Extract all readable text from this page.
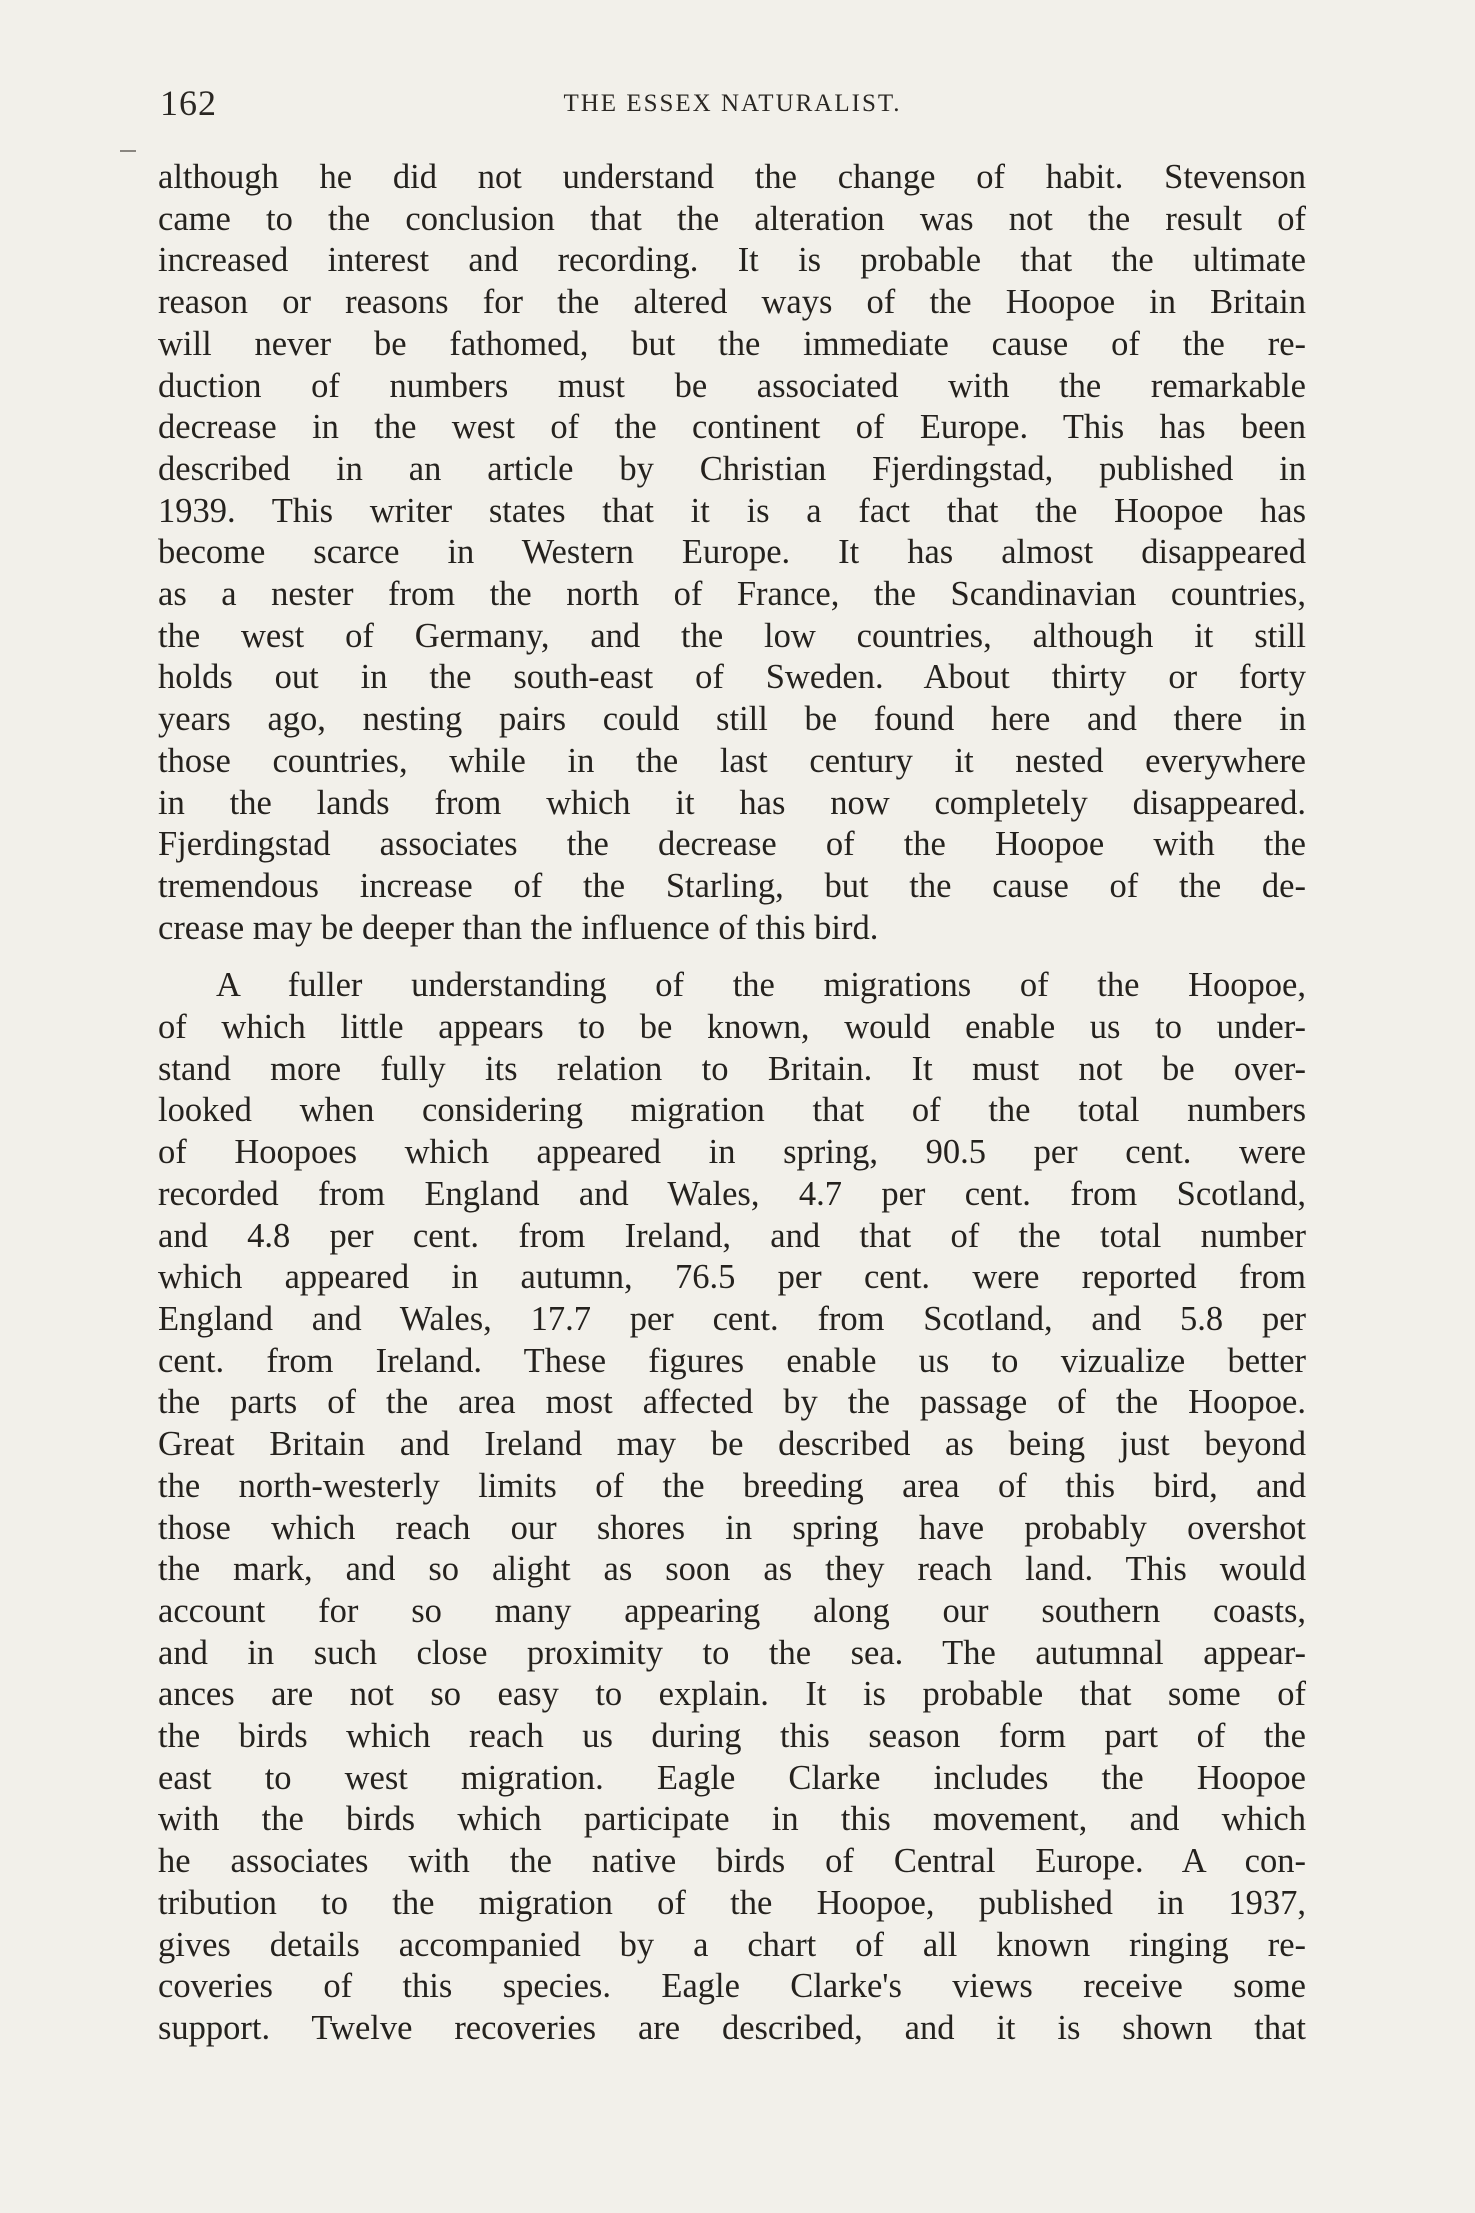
162	THE ESSEX NATURALIST.

although he did not understand the change of habit. Stevenson
came to the conclusion that the alteration was not the result of
increased interest and recording. It is probable that the ultimate
reason or reasons for the altered ways of the Hoopoe in Britain
will never be fathomed, but the immediate cause of the re-
duction of numbers must be associated with the remarkable
decrease in the west of the continent of Europe. This has been
described in an article by Christian Fjerdingstad, published in
1939. This writer states that it is a fact that the Hoopoe has
become scarce in Western Europe. It has almost disappeared
as a nester from the north of France, the Scandinavian countries,
the west of Germany, and the low countries, although it still
holds out in the south-east of Sweden. About thirty or forty
years ago, nesting pairs could still be found here and there in
those countries, while in the last century it nested everywhere
in the lands from which it has now completely disappeared.
Fjerdingstad associates the decrease of the Hoopoe with the
tremendous increase of the Starling, but the cause of the de-
crease may be deeper than the influence of this bird.

A fuller understanding of the migrations of the Hoopoe,
of which little appears to be known, would enable us to under-
stand more fully its relation to Britain. It must not be over-
looked when considering migration that of the total numbers
of Hoopoes which appeared in spring, 90.5 per cent. were
recorded from England and Wales, 4.7 per cent. from Scotland,
and 4.8 per cent. from Ireland, and that of the total number
which appeared in autumn, 76.5 per cent. were reported from
England and Wales, 17.7 per cent. from Scotland, and 5.8 per
cent. from Ireland. These figures enable us to vizualize better
the parts of the area most affected by the passage of the Hoopoe.
Great Britain and Ireland may be described as being just beyond
the north-westerly limits of the breeding area of this bird, and
those which reach our shores in spring have probably overshot
the mark, and so alight as soon as they reach land. This would
account for so many appearing along our southern coasts,
and in such close proximity to the sea. The autumnal appear-
ances are not so easy to explain. It is probable that some of
the birds which reach us during this season form part of the
east to west migration. Eagle Clarke includes the Hoopoe
with the birds which participate in this movement, and which
he associates with the native birds of Central Europe. A con-
tribution to the migration of the Hoopoe, published in 1937,
gives details accompanied by a chart of all known ringing re-
coveries of this species. Eagle Clarke's views receive some
support. Twelve recoveries are described, and it is shown that
